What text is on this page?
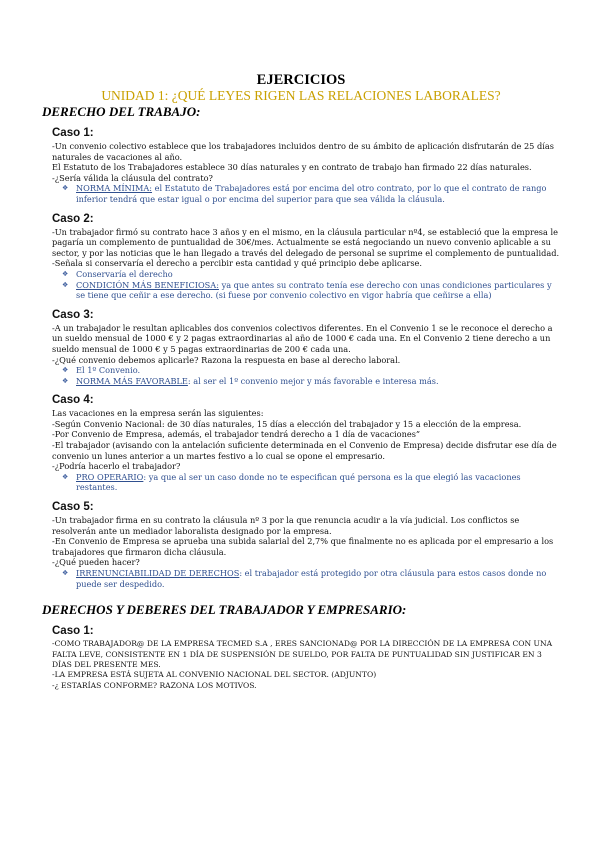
EJERCICIOS
UNIDAD 1: ¿QUÉ LEYES RIGEN LAS RELACIONES LABORALES?
DERECHO DEL TRABAJO:
Caso 1:

-Un convenio colectivo establece que los trabajadores incluidos dentro de su ámbito de aplicación disfrutarán de 25 días naturales de vacaciones al año.

El Estatuto de los Trabajadores establece 30 días naturales y en contrato de trabajo han firmado 22 días naturales.

-¿Sería válida la cláusula del contrato?

❖ NORMA MÍNIMA: el Estatuto de Trabajadores está por encima del otro contrato, por lo que el contrato de rango inferior tendrá que estar igual o por encima del superior para que sea válida la cláusula.
Caso 2:

-Un trabajador firmó su contrato hace 3 años y en el mismo, en la cláusula particular nº4, se estableció que la empresa le pagaría un complemento de puntualidad de 30€/mes. Actualmente se está negociando un nuevo convenio aplicable a su sector, y por las noticias que le han llegado a través del delegado de personal se suprime el complemento de puntualidad.

-Señala si conservaría el derecho a percibir esta cantidad y qué principio debe aplicarse.

❖ Conservaría el derecho
❖ CONDICIÓN MÁS BENEFICIOSA: ya que antes su contrato tenía ese derecho con unas condiciones particulares y se tiene que ceñir a ese derecho. (si fuese por convenio colectivo en vigor habría que ceñirse a ella)
Caso 3:

-A un trabajador le resultan aplicables dos convenios colectivos diferentes. En el Convenio 1 se le reconoce el derecho a un sueldo mensual de 1000 € y 2 pagas extraordinarias al año de 1000 € cada una. En el Convenio 2 tiene derecho a un sueldo mensual de 1000 € y 5 pagas extraordinarias de 200 € cada una.

-¿Qué convenio debemos aplicarle? Razona la respuesta en base al derecho laboral.

❖ El 1º Convenio.
❖ NORMA MÁS FAVORABLE: al ser el 1º convenio mejor y más favorable e interesa más.
Caso 4:

Las vacaciones en la empresa serán las siguientes:

-Según Convenio Nacional: de 30 días naturales, 15 días a elección del trabajador y 15 a elección de la empresa.

-Por Convenio de Empresa, además, el trabajador tendrá derecho a 1 día de vacaciones”

-El trabajador (avisando con la antelación suficiente determinada en el Convenio de Empresa) decide disfrutar ese día de convenio un lunes anterior a un martes festivo a lo cual se opone el empresario.

-¿Podría hacerlo el trabajador?

❖ PRO OPERARIO: ya que al ser un caso donde no te especifican qué persona es la que elegió las vacaciones restantes.
Caso 5:

-Un trabajador firma en su contrato la cláusula nº 3 por la que renuncia acudir a la vía judicial. Los conflictos se resolverán ante un mediador laboralista designado por la empresa.

-En Convenio de Empresa se aprueba una subida salarial del 2,7% que finalmente no es aplicada por el empresario a los trabajadores que firmaron dicha cláusula.

-¿Qué pueden hacer?

❖ IRRENUNCIABILIDAD DE DERECHOS: el trabajador está protegido por otra cláusula para estos casos donde no puede ser despedido.
DERECHOS Y DEBERES DEL TRABAJADOR Y EMPRESARIO:
Caso 1:

-COMO TRABAJADOR@ DE LA EMPRESA TECMED S.A , ERES SANCIONAD@ POR LA DIRECCIÓN DE LA EMPRESA CON UNA FALTA LEVE, CONSISTENTE EN 1 DÍA DE SUSPENSIÓN DE SUELDO, POR FALTA DE PUNTUALIDAD SIN JUSTIFICAR EN 3 DÍAS DEL PRESENTE MES.

-LA EMPRESA ESTÁ SUJETA AL CONVENIO NACIONAL DEL SECTOR. (ADJUNTO)

-¿ ESTARÍAS CONFORME? RAZONA LOS MOTIVOS.
